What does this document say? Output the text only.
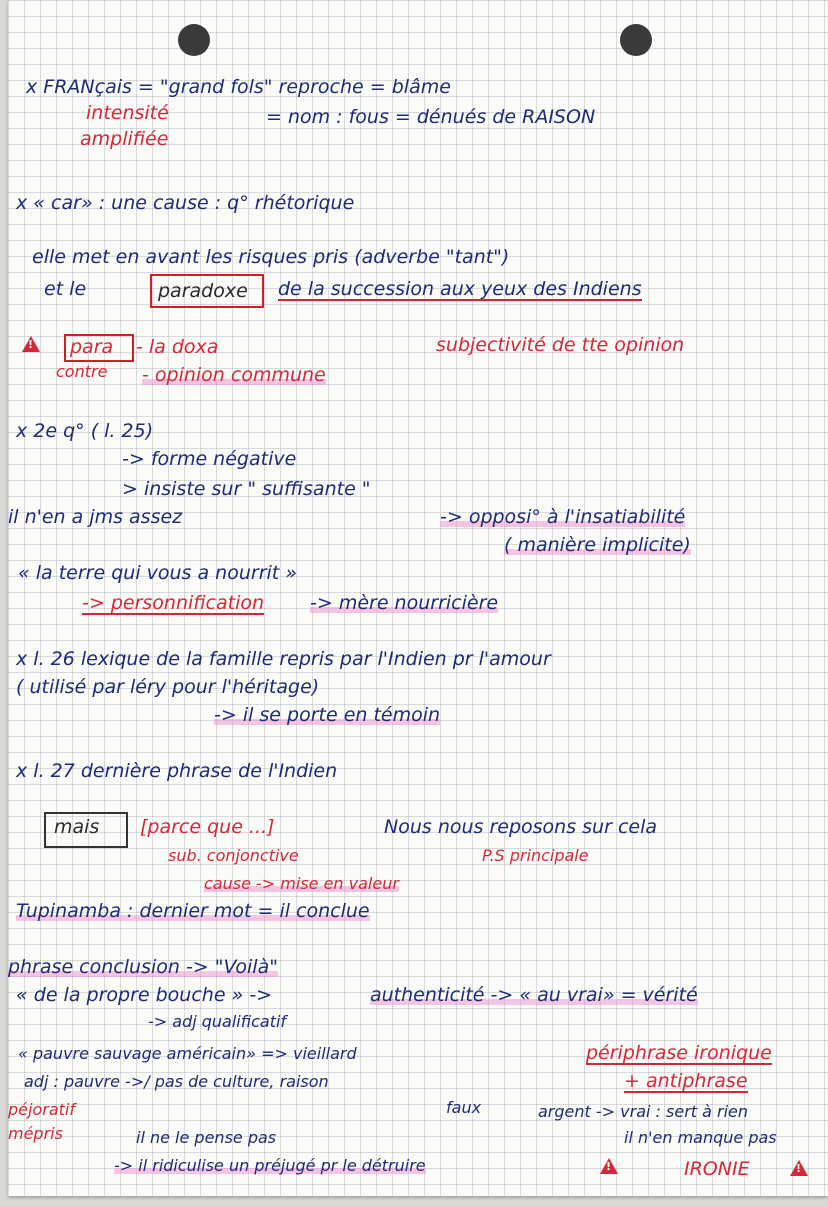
x FRANçais = "grand fols" reproche = blâme
intensité	= nom : fous = dénués de RAISON
amplifiée
x « car» : une cause : q° rhétorique
elle met en avant les risques pris (adverbe "tant")
et le	paradoxe de la succession aux yeux des Indiens
!
para - la doxa	subjectivité de tte opinion
contre - opinion commune
x 2e q° ( l. 25)
-> forme négative
> insiste sur " suffisante "
il n'en a jms assez	-> opposi° à l'insatiabilité
( manière implicite)
« la terre qui vous a nourrit »
-> personnification -> mère nourricière
x l. 26 lexique de la famille repris par l'Indien pr l'amour
( utilisé par léry pour l'héritage)
-> il se porte en témoin
x l. 27 dernière phrase de l'Indien
mais [parce que ...]	Nous nous reposons sur cela
sub. conjonctive	P.S principale
cause -> mise en valeur
Tupinamba : dernier mot = il conclue
phrase conclusion -> "Voilà"
« de la propre bouche » ->	authenticité -> « au vrai» = vérité
-> adj qualificatif
« pauvre sauvage américain» => vieillard	périphrase ironique
adj : pauvre ->/ pas de culture, raison	+ antiphrase
péjoratif	faux	argent -> vrai : sert à rien
mépris	il ne le pense pas	il n'en manque pas
-> il ridiculise un préjugé pr le détruire
!	IRONIE
!
